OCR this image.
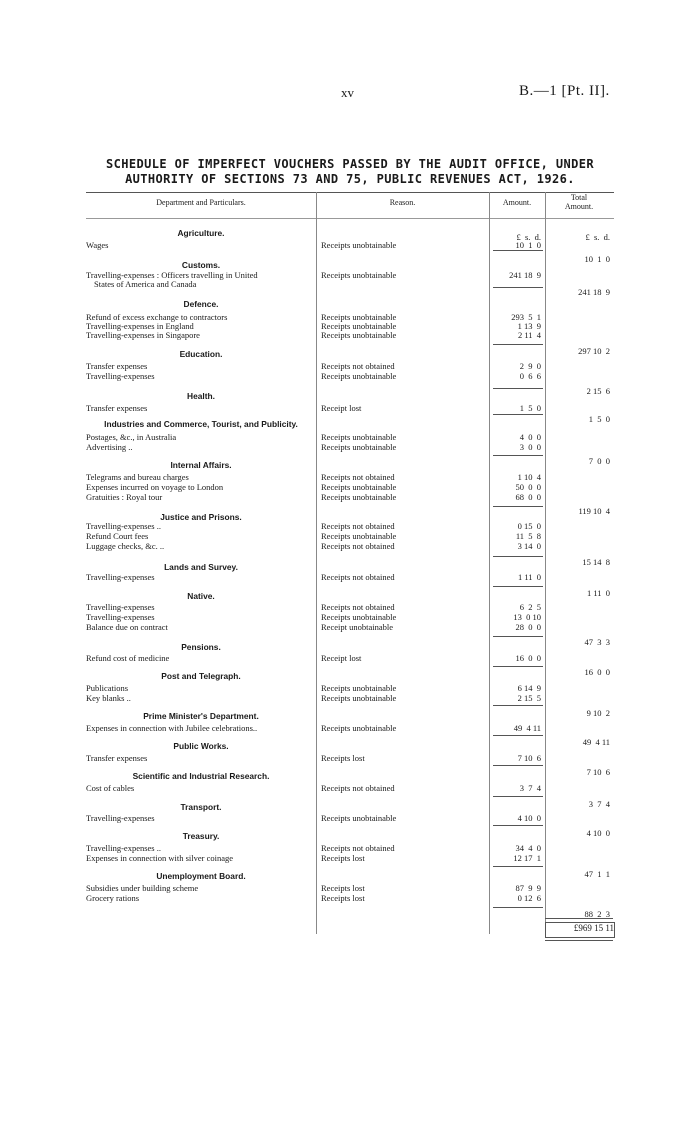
xv	B.—1 [Pt. II].
SCHEDULE OF IMPERFECT VOUCHERS PASSED BY THE AUDIT OFFICE, UNDER
AUTHORITY OF SECTIONS 73 AND 75, PUBLIC REVENUES ACT, 1926.
Department and Particulars.	Reason.	Amount.
Total
Amount.
£  s.  d.	£  s.  d.
Agriculture.
Wages	Receipts unobtainable	10  1  0
10  1  0
Customs.
Travelling-expenses : Officers travelling in United
States of America and Canada
Receipts unobtainable	241 18  9
241 18  9
Defence.
Refund of excess exchange to contractors	Receipts unobtainable	293  5  1
Travelling-expenses in England	Receipts unobtainable	1 13  9
Travelling-expenses in Singapore	Receipts unobtainable	2 11  4
297 10  2
Education.
Transfer expenses	Receipts not obtained	2  9  0
Travelling-expenses	Receipts unobtainable	0  6  6
2 15  6
Health.
Transfer expenses	Receipt lost	1  5  0
1  5  0
Industries and Commerce, Tourist, and Publicity.
Postages, &c., in Australia	Receipts unobtainable	4  0  0
Advertising ..	Receipts unobtainable	3  0  0
7  0  0
Internal Affairs.
Telegrams and bureau charges	Receipts not obtained	1 10  4
Expenses incurred on voyage to London	Receipts unobtainable	50  0  0
Gratuities : Royal tour	Receipts unobtainable	68  0  0
119 10  4
Justice and Prisons.
Travelling-expenses ..	Receipts not obtained	0 15  0
Refund Court fees	Receipts unobtainable	11  5  8
Luggage checks, &c. ..	Receipts not obtained	3 14  0
15 14  8
Lands and Survey.
Travelling-expenses	Receipts not obtained	1 11  0
1 11  0
Native.
Travelling-expenses	Receipts not obtained	6  2  5
Travelling-expenses	Receipts unobtainable	13  0 10
Balance due on contract	Receipt unobtainable	28  0  0
47  3  3
Pensions.
Refund cost of medicine	Receipt lost	16  0  0
16  0  0
Post and Telegraph.
Publications	Receipts unobtainable	6 14  9
Key blanks ..	Receipts unobtainable	2 15  5
9 10  2
Prime Minister's Department.
Expenses in connection with Jubilee celebrations..	Receipts unobtainable	49  4 11
49  4 11
Public Works.
Transfer expenses	Receipts lost	7 10  6
7 10  6
Scientific and Industrial Research.
Cost of cables	Receipts not obtained	3  7  4
3  7  4
Transport.
Travelling-expenses	Receipts unobtainable	4 10  0
4 10  0
Treasury.
Travelling-expenses ..	Receipts not obtained	34  4  0
Expenses in connection with silver coinage	Receipts lost	12 17  1
47  1  1
Unemployment Board.
Subsidies under building scheme	Receipts lost	87  9  9
Grocery rations	Receipts lost	0 12  6
88  2  3
£969 15 11
